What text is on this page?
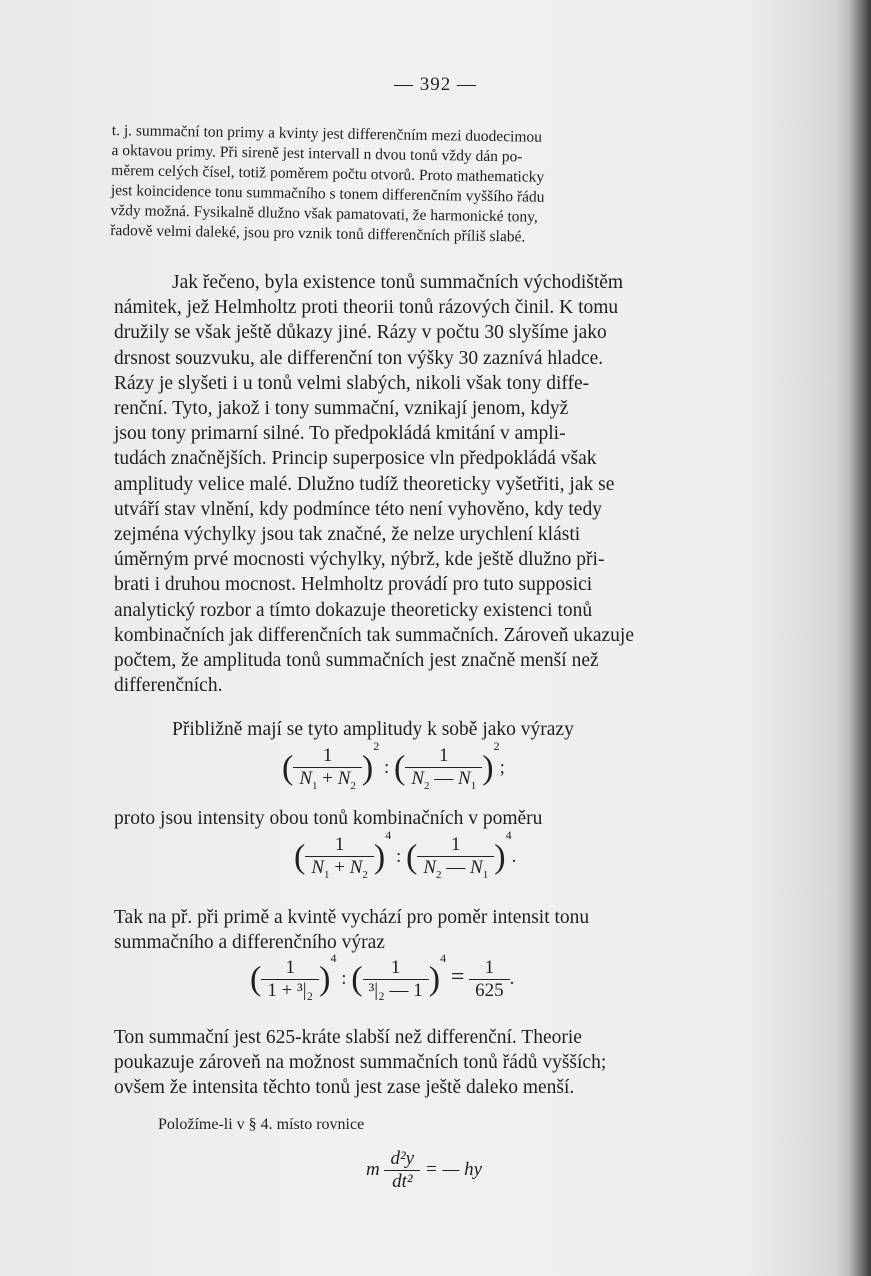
— 392 —

t. j. summační ton primy a kvinty jest differenčním mezi duodecimou

a oktavou primy. Při sireně jest intervall n dvou tonů vždy dán po-

měrem celých čísel, totiž poměrem počtu otvorů. Proto mathematicky

jest koincidence tonu summačního s tonem differenčním vyššího řádu

vždy možná. Fysikalně dlužno však pamatovati, že harmonické tony,

řadově velmi daleké, jsou pro vznik tonů differenčních příliš slabé.

Jak řečeno, byla existence tonů summačních východištěm

námitek, jež Helmholtz proti theorii tonů rázových činil. K tomu

družily se však ještě důkazy jiné. Rázy v počtu 30 slyšíme jako

drsnost souzvuku, ale differenční ton výšky 30 zaznívá hladce.

Rázy je slyšeti i u tonů velmi slabých, nikoli však tony diffe-

renční. Tyto, jakož i tony summační, vznikají jenom, když

jsou tony primarní silné. To předpokládá kmitání v ampli-

tudách značnějších. Princip superposice vln předpokládá však

amplitudy velice malé. Dlužno tudíž theoreticky vyšetřiti, jak se

utváří stav vlnění, kdy podmínce této není vyhověno, kdy tedy

zejména výchylky jsou tak značné, že nelze urychlení klásti

úměrným prvé mocnosti výchylky, nýbrž, kde ještě dlužno při-

brati i druhou mocnost. Helmholtz provádí pro tuto supposici

analytický rozbor a tímto dokazuje theoreticky existenci tonů

kombinačních jak differenčních tak summačních. Zároveň ukazuje

počtem, že amplituda tonů summačních jest značně menší než

differenčních.

Přibližně mají se tyto amplitudy k sobě jako výrazy

( $\frac{1}{N_1 + N_2} )^2$ : ( $\frac{1}{N_2 — N_1} )^2$;

proto jsou intensity obou tonů kombinačních v poměru

( $\frac{1}{N_1 + N_2} )^4$ : ( $\frac{1}{N_2 — N_1} )^4$.

Tak na př. při primě a kvintě vychází pro poměr intensit tonu

summačního a differenčního výraz

( $\frac{1}{\text{1 + ³|₂}} )^4$ : ( $\frac{1}{\text{³|₂ — 1}} )^4 = \frac{1}{625}$ .

Ton summační jest 625-kráte slabší než differenční. Theorie

poukazuje zároveň na možnost summačních tonů řádů vyšších;

ovšem že intensita těchto tonů jest zase ještě daleko menší.

Položíme-li v § 4. místo rovnice
m $\frac{\text{d²y}}{\text{dt²}}$ = — hy
